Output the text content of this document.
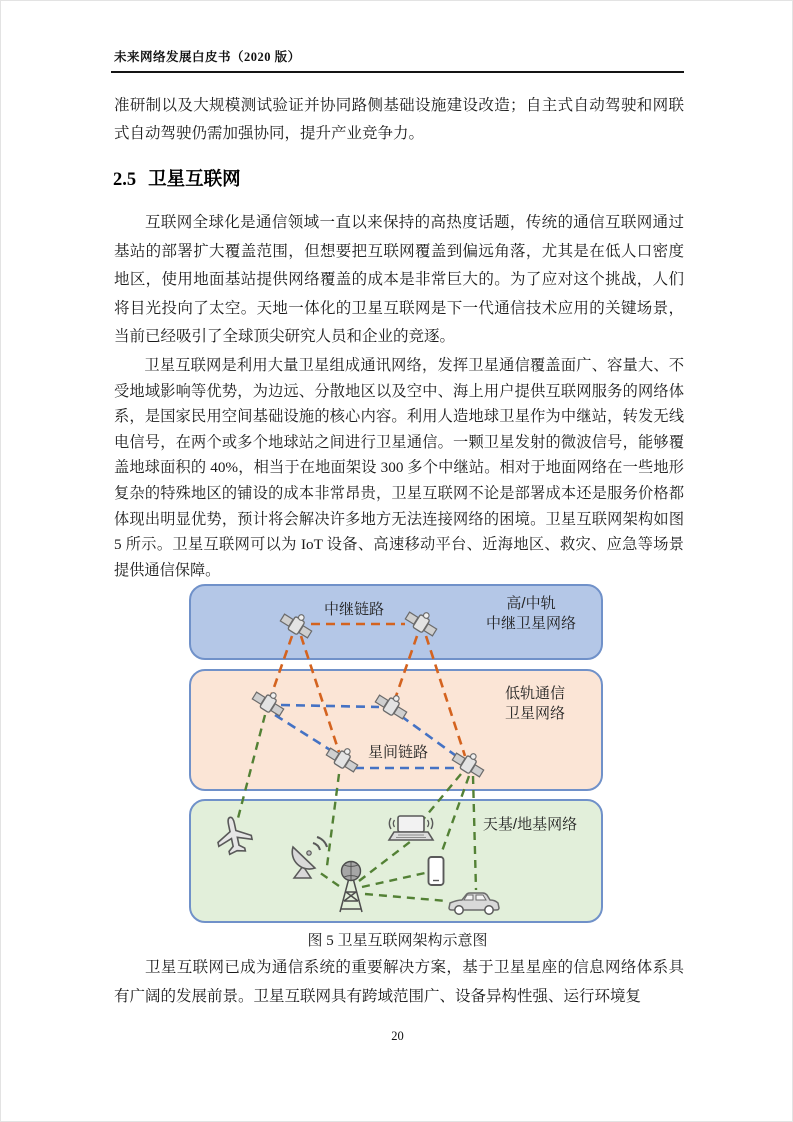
未来网络发展白皮书（2020 版）

准研制以及大规模测试验证并协同路侧基础设施建设改造；自主式自动驾驶和网联式自动驾驶仍需加强协同，提升产业竞争力。

2.5 卫星互联网

互联网全球化是通信领域一直以来保持的高热度话题，传统的通信互联网通过基站的部署扩大覆盖范围，但想要把互联网覆盖到偏远角落，尤其是在低人口密度地区，使用地面基站提供网络覆盖的成本是非常巨大的。为了应对这个挑战，人们将目光投向了太空。天地一体化的卫星互联网是下一代通信技术应用的关键场景，当前已经吸引了全球顶尖研究人员和企业的竞逐。

卫星互联网是利用大量卫星组成通讯网络，发挥卫星通信覆盖面广、容量大、不受地域影响等优势，为边远、分散地区以及空中、海上用户提供互联网服务的网络体系，是国家民用空间基础设施的核心内容。利用人造地球卫星作为中继站，转发无线电信号，在两个或多个地球站之间进行卫星通信。一颗卫星发射的微波信号，能够覆盖地球面积的 40%，相当于在地面架设 300 多个中继站。相对于地面网络在一些地形复杂的特殊地区的铺设的成本非常昂贵，卫星互联网不论是部署成本还是服务价格都体现出明显优势，预计将会解决许多地方无法连接网络的困境。卫星互联网架构如图 5 所示。卫星互联网可以为 IoT 设备、高速移动平台、近海地区、救灾、应急等场景提供通信保障。

高/中轨
中继卫星网络
低轨通信
卫星网络
天基/地基网络
中继链路
星间链路
图 5 卫星互联网架构示意图

卫星互联网已成为通信系统的重要解决方案，基于卫星星座的信息网络体系具有广阔的发展前景。卫星互联网具有跨域范围广、设备异构性强、运行环境复

20
